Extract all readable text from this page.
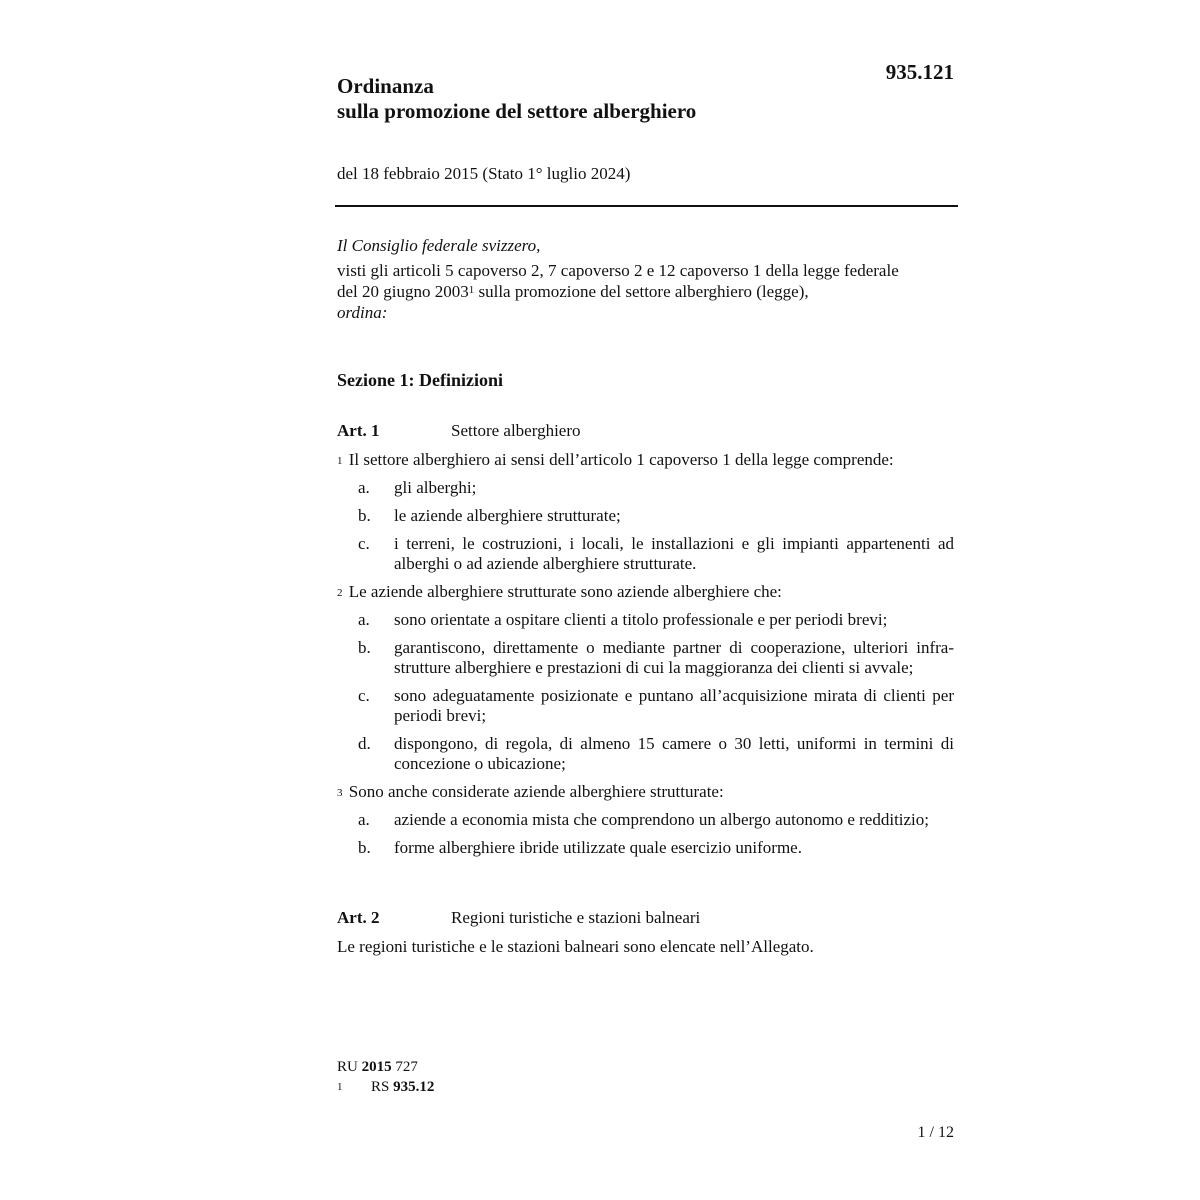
935.121
Ordinanza
sulla promozione del settore alberghiero
del 18 febbraio 2015 (Stato 1° luglio 2024)

Il Consiglio federale svizzero,

visti gli articoli 5 capoverso 2, 7 capoverso 2 e 12 capoverso 1 della legge federale

del 20 giugno 2003$^1$ sulla promozione del settore alberghiero (legge),

ordina:

Sezione 1: Definizioni
Art. 1	Settore alberghiero

$^1$ Il settore alberghiero ai sensi dell’articolo 1 capoverso 1 della legge comprende:

a.	gli alberghi;
b.	le aziende alberghiere strutturate;
c.	i terreni, le costruzioni, i locali, le installazioni e gli impianti appartenenti ad alberghi o ad aziende alberghiere strutturate.

$^2$ Le aziende alberghiere strutturate sono aziende alberghiere che:

a.	sono orientate a ospitare clienti a titolo professionale e per periodi brevi;
b.	garantiscono, direttamente o mediante partner di cooperazione, ulteriori infrastrutture alberghiere e prestazioni di cui la maggioranza dei clienti si avvale;
c.	sono adeguatamente posizionate e puntano all’acquisizione mirata di clienti per periodi brevi;
d.	dispongono, di regola, di almeno 15 camere o 30 letti, uniformi in termini di concezione o ubicazione;

$^3$ Sono anche considerate aziende alberghiere strutturate:

a.	aziende a economia mista che comprendono un albergo autonomo e redditizio;
b.	forme alberghiere ibride utilizzate quale esercizio uniforme.
Art. 2	Regioni turistiche e stazioni balneari

Le regioni turistiche e le stazioni balneari sono elencate nell’Allegato.

RU 2015 727
1	RS 935.12
1 / 12
